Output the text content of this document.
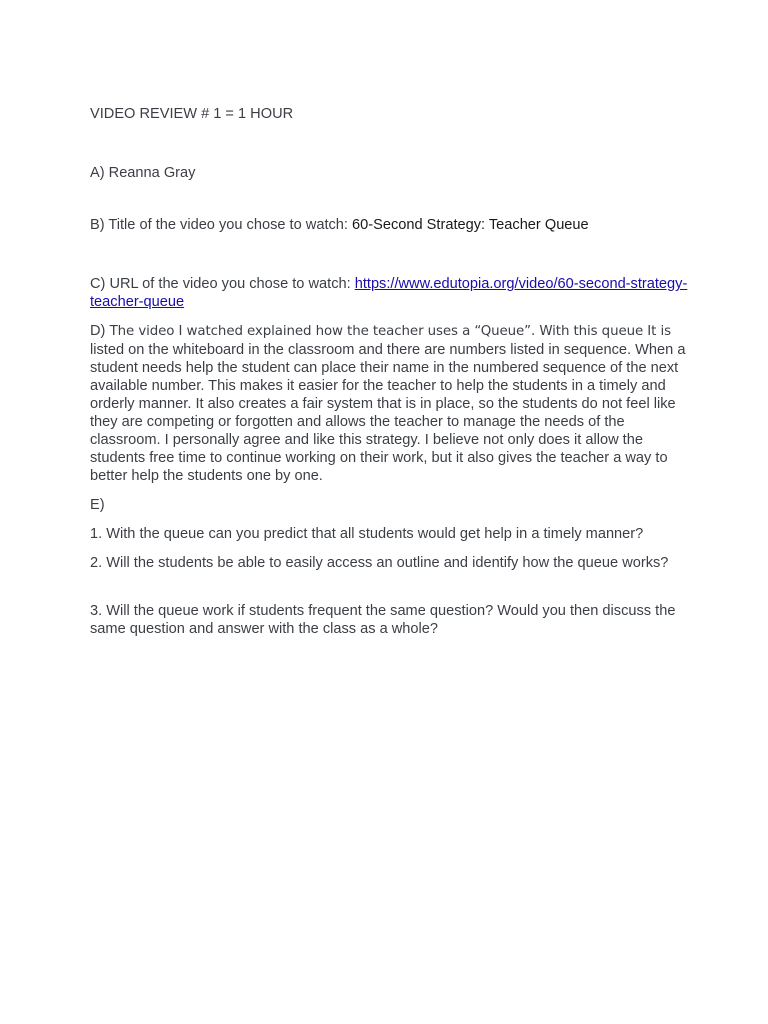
VIDEO REVIEW # 1 = 1 HOUR

A) Reanna Gray

B) Title of the video you chose to watch: 60-Second Strategy: Teacher Queue

C) URL of the video you chose to watch: https://www.edutopia.org/video/60-second-strategy-teacher-queue

D) The video I watched explained how the teacher uses a “Queue”. With this queue It is listed on the whiteboard in the classroom and there are numbers listed in sequence. When a student needs help the student can place their name in the numbered sequence of the next available number. This makes it easier for the teacher to help the students in a timely and orderly manner. It also creates a fair system that is in place, so the students do not feel like they are competing or forgotten and allows the teacher to manage the needs of the classroom. I personally agree and like this strategy. I believe not only does it allow the students free time to continue working on their work, but it also gives the teacher a way to better help the students one by one.

E)

1. With the queue can you predict that all students would get help in a timely manner?

2. Will the students be able to easily access an outline and identify how the queue works?

3. Will the queue work if students frequent the same question? Would you then discuss the same question and answer with the class as a whole?
